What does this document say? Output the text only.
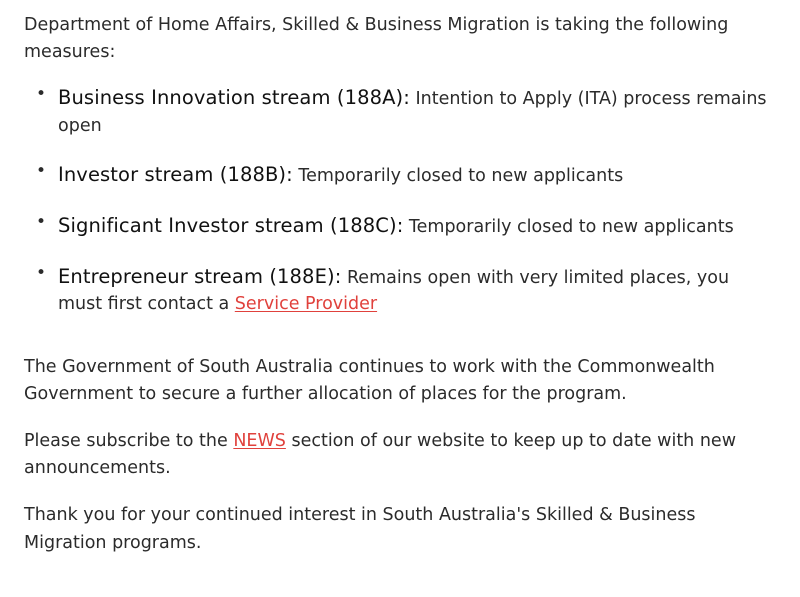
Department of Home Affairs, Skilled & Business Migration is taking the following measures:

• Business Innovation stream (188A): Intention to Apply (ITA) process remains open
• Investor stream (188B): Temporarily closed to new applicants
• Significant Investor stream (188C): Temporarily closed to new applicants
• Entrepreneur stream (188E): Remains open with very limited places, you must first contact a Service Provider

The Government of South Australia continues to work with the Commonwealth Government to secure a further allocation of places for the program.

Please subscribe to the NEWS section of our website to keep up to date with new announcements.

Thank you for your continued interest in South Australia's Skilled & Business Migration programs.
